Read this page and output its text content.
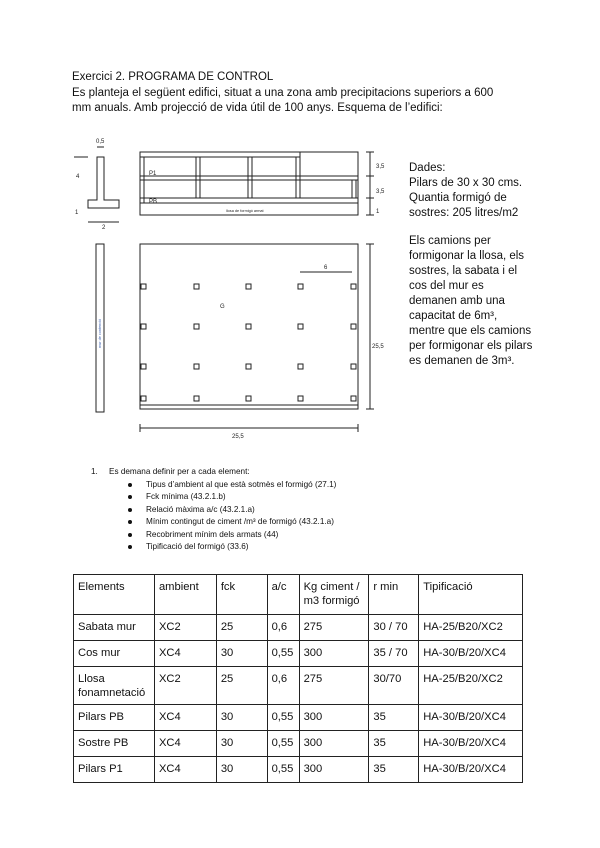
Exercici 2. PROGRAMA DE CONTROL
Es planteja el següent edifici, situat a una zona amb precipitacions superiors a 600 mm anuals. Amb projecció de vida útil de 100 anys. Esquema de l’edifici:
0,5
4
1
2
P1
PB
3,5
3,5
1
6
G
25,5
25,5
llosa de formigó armat
mur de contenció
Dades:
Pilars de 30 x 30 cms.
Quantia formigó de sostres: 205 litres/m2
Els camions per formigonar la llosa, els sostres, la sabata i el cos del mur es demanen amb una capacitat de 6m³, mentre que els camions per formigonar els pilars es demanen de 3m³.
1. Es demana definir per a cada element:
Tipus d’ambient al que està sotmès el formigó (27.1)
Fck mínima (43.2.1.b)
Relació màxima a/c (43.2.1.a)
Mínim contingut de ciment /m³ de formigó (43.2.1.a)
Recobriment mínim dels armats (44)
Tipificació del formigó (33.6)
Elements	ambient	fck	a/c	Kg ciment / m3 formigó	r min	Tipificació
Sabata mur	XC2	25	0,6	275	30 / 70	HA-25/B20/XC2
Cos mur	XC4	30	0,55	300	35 / 70	HA-30/B/20/XC4
Llosa fonamnetació	XC2	25	0,6	275	30/70	HA-25/B20/XC2
Pilars PB	XC4	30	0,55	300	35	HA-30/B/20/XC4
Sostre PB	XC4	30	0,55	300	35	HA-30/B/20/XC4
Pilars P1	XC4	30	0,55	300	35	HA-30/B/20/XC4
